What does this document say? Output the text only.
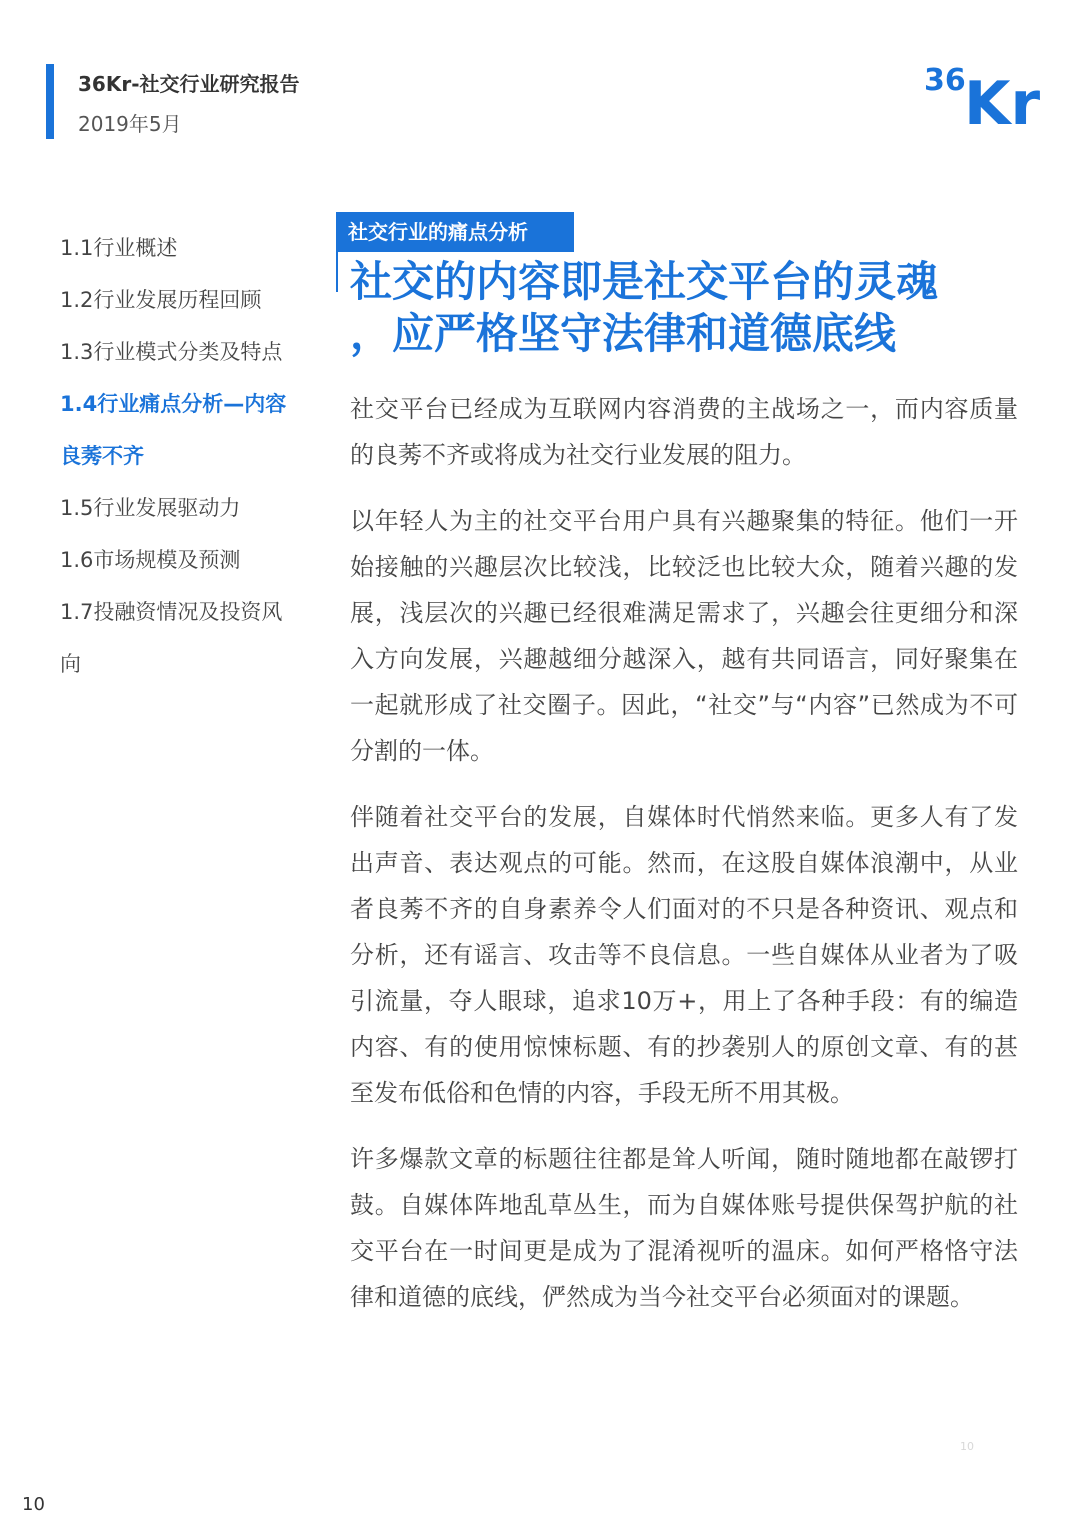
36Kr-社交行业研究报告
2019年5月
36
Kr
1.1行业概述
1.2行业发展历程回顾
1.3行业模式分类及特点
1.4行业痛点分析—内容
良莠不齐
1.5行业发展驱动力
1.6市场规模及预测
1.7投融资情况及投资风
向
社交行业的痛点分析
社交的内容即是社交平台的灵魂
，应严格坚守法律和道德底线

社交平台已经成为互联网内容消费的主战场之一，而内容质量的良莠不齐或将成为社交行业发展的阻力。

以年轻人为主的社交平台用户具有兴趣聚集的特征。他们一开始接触的兴趣层次比较浅，比较泛也比较大众，随着兴趣的发展，浅层次的兴趣已经很难满足需求了，兴趣会往更细分和深入方向发展，兴趣越细分越深入，越有共同语言，同好聚集在一起就形成了社交圈子。因此，“社交”与“内容”已然成为不可分割的一体。

伴随着社交平台的发展，自媒体时代悄然来临。更多人有了发出声音、表达观点的可能。然而，在这股自媒体浪潮中，从业者良莠不齐的自身素养令人们面对的不只是各种资讯、观点和分析，还有谣言、攻击等不良信息。一些自媒体从业者为了吸引流量，夺人眼球，追求10万+，用上了各种手段：有的编造内容、有的使用惊悚标题、有的抄袭别人的原创文章、有的甚至发布低俗和色情的内容，手段无所不用其极。

许多爆款文章的标题往往都是耸人听闻，随时随地都在敲锣打鼓。自媒体阵地乱草丛生，而为自媒体账号提供保驾护航的社交平台在一时间更是成为了混淆视听的温床。如何严格恪守法律和道德的底线，俨然成为当今社交平台必须面对的课题。

10
10
